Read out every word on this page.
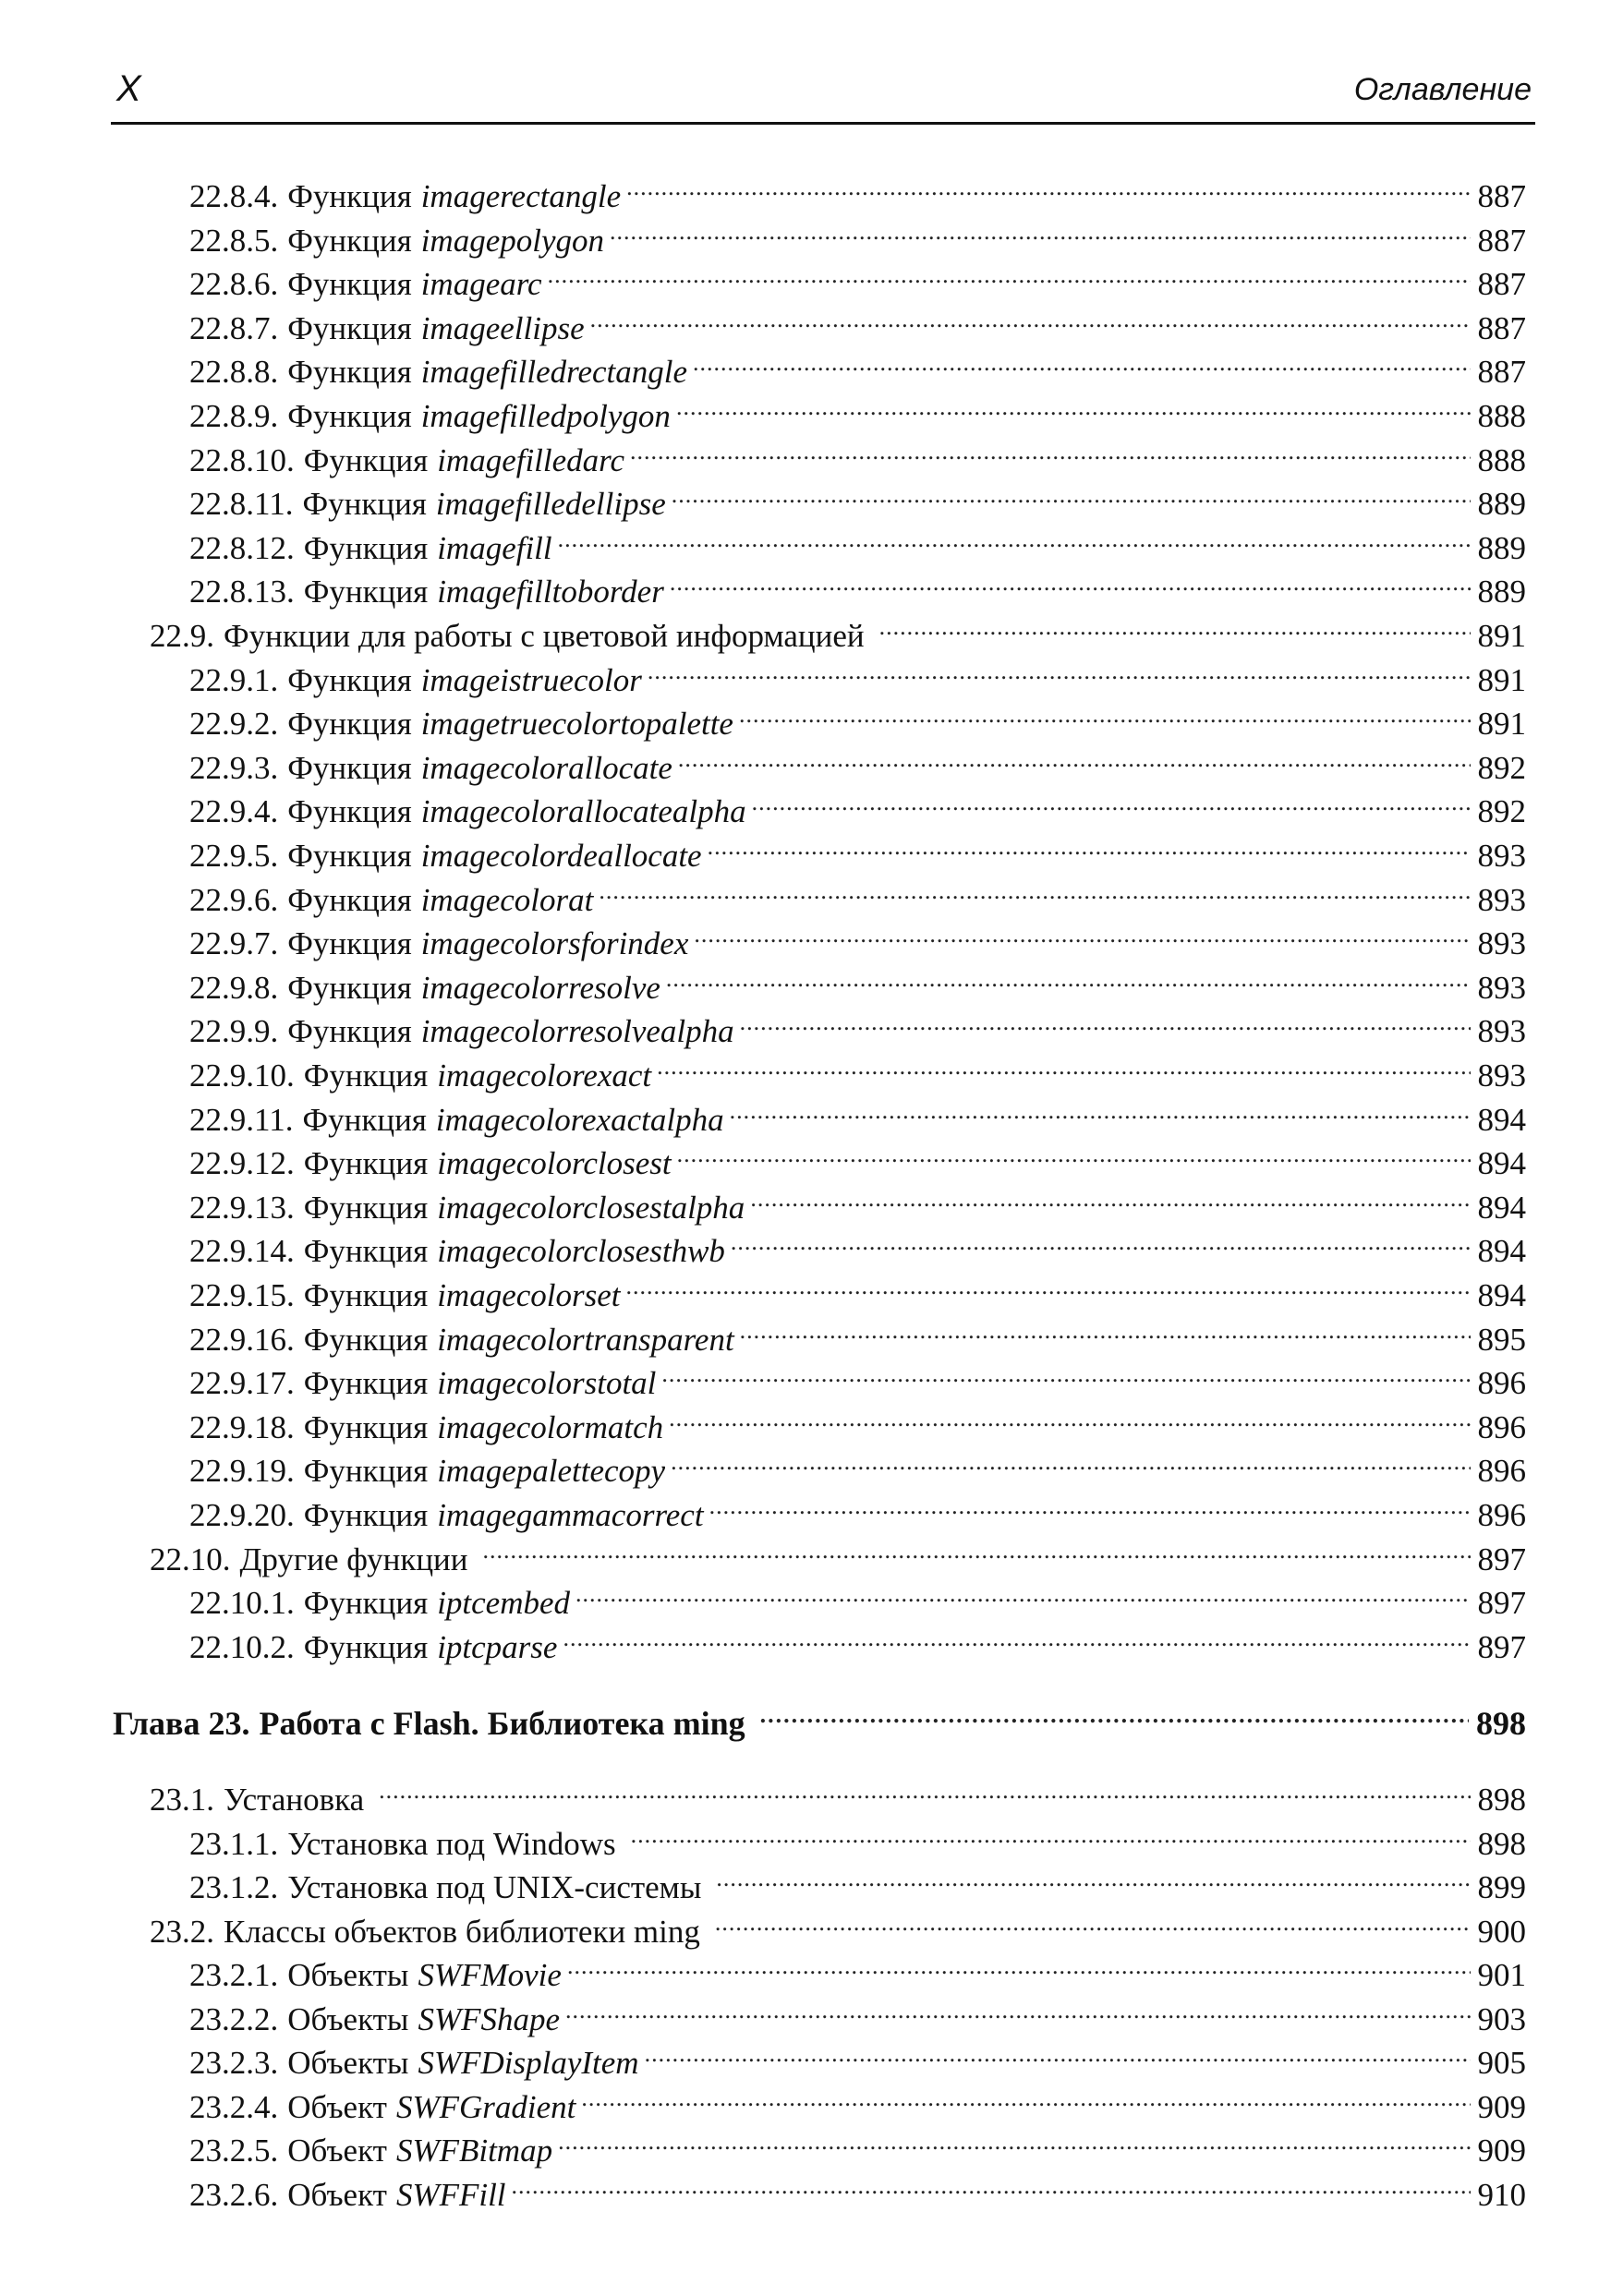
X	Оглавление
22.8.4. Функция imagerectangle .....	887
22.8.5. Функция imagepolygon .....	887
22.8.6. Функция imagearc .....	887
22.8.7. Функция imageellipse .....	887
22.8.8. Функция imagefilledrectangle .....	887
22.8.9. Функция imagefilledpolygon .....	888
22.8.10. Функция imagefilledarc .....	888
22.8.11. Функция imagefilledellipse .....	889
22.8.12. Функция imagefill .....	889
22.8.13. Функция imagefilltoborder .....	889
22.9. Функции для работы с цветовой информацией .....	891
22.9.1. Функция imageistruecolor .....	891
22.9.2. Функция imagetruecolortopalette .....	891
22.9.3. Функция imagecolorallocate .....	892
22.9.4. Функция imagecolorallocatealpha .....	892
22.9.5. Функция imagecolordeallocate .....	893
22.9.6. Функция imagecolorat .....	893
22.9.7. Функция imagecolorsforindex .....	893
22.9.8. Функция imagecolorresolve .....	893
22.9.9. Функция imagecolorresolvealpha .....	893
22.9.10. Функция imagecolorexact .....	893
22.9.11. Функция imagecolorexactalpha .....	894
22.9.12. Функция imagecolorclosest .....	894
22.9.13. Функция imagecolorclosestalpha .....	894
22.9.14. Функция imagecolorclosesthwb .....	894
22.9.15. Функция imagecolorset .....	894
22.9.16. Функция imagecolortransparent .....	895
22.9.17. Функция imagecolorstotal .....	896
22.9.18. Функция imagecolormatch .....	896
22.9.19. Функция imagepalettecopy .....	896
22.9.20. Функция imagegammacorrect .....	896
22.10. Другие функции .....	897
22.10.1. Функция iptcembed .....	897
22.10.2. Функция iptcparse .....	897
Глава 23. Работа с Flash. Библиотека ming .....	898
23.1. Установка .....	898
23.1.1. Установка под Windows .....	898
23.1.2. Установка под UNIX-системы .....	899
23.2. Классы объектов библиотеки ming .....	900
23.2.1. Объекты SWFMovie .....	901
23.2.2. Объекты SWFShape .....	903
23.2.3. Объекты SWFDisplayItem .....	905
23.2.4. Объект SWFGradient .....	909
23.2.5. Объект SWFBitmap .....	909
23.2.6. Объект SWFFill .....	910
